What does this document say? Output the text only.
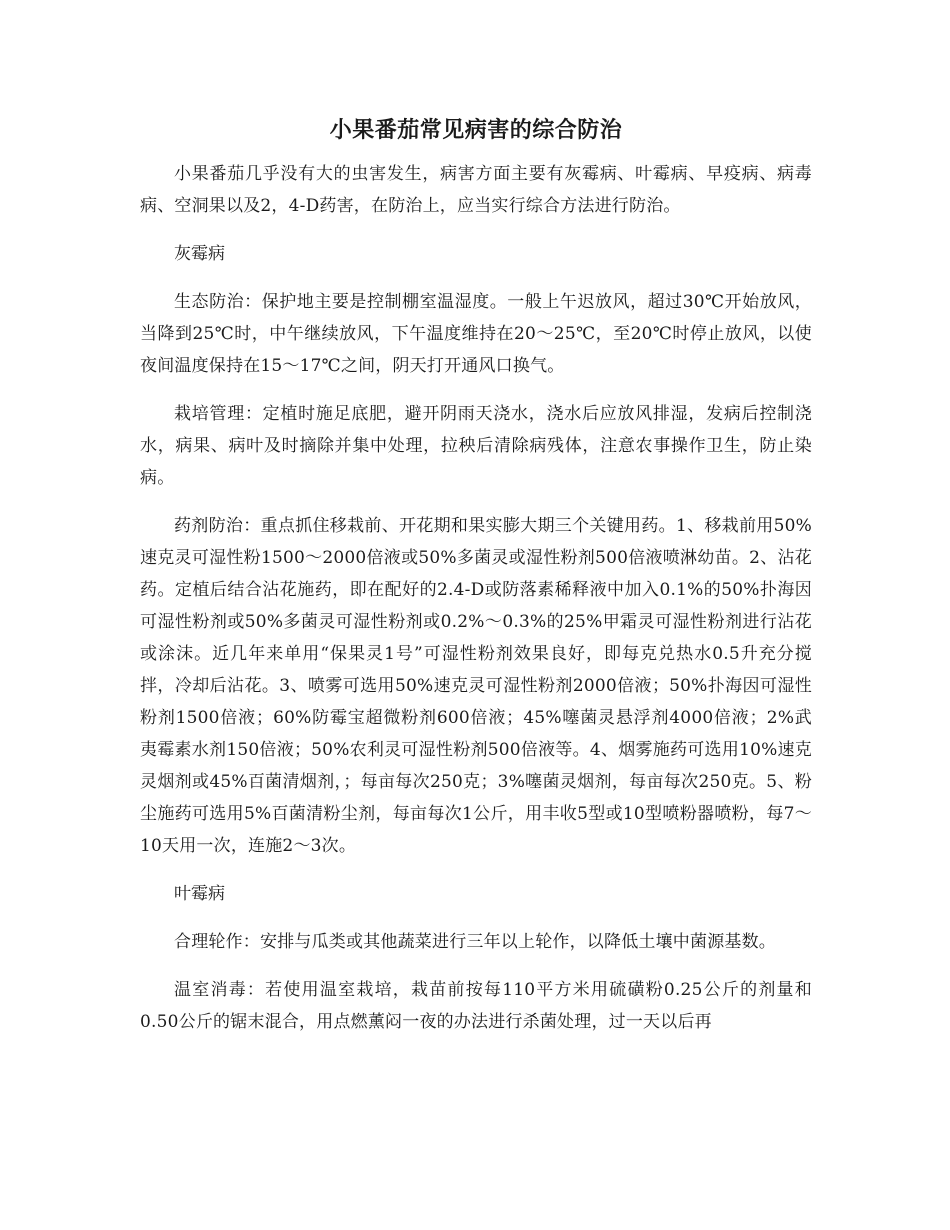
小果番茄常见病害的综合防治

小果番茄几乎没有大的虫害发生，病害方面主要有灰霉病、叶霉病、早疫病、病毒病、空洞果以及2，4-D药害，在防治上，应当实行综合方法进行防治。

灰霉病

生态防治：保护地主要是控制棚室温湿度。一般上午迟放风，超过30℃开始放风，当降到25℃时，中午继续放风，下午温度维持在20～25℃，至20℃时停止放风，以使夜间温度保持在15～17℃之间，阴天打开通风口换气。

栽培管理：定植时施足底肥，避开阴雨天浇水，浇水后应放风排湿，发病后控制浇水，病果、病叶及时摘除并集中处理，拉秧后清除病残体，注意农事操作卫生，防止染病。

药剂防治：重点抓住移栽前、开花期和果实膨大期三个关键用药。1、移栽前用50%速克灵可湿性粉1500～2000倍液或50%多菌灵或湿性粉剂500倍液喷淋幼苗。2、沾花药。定植后结合沾花施药，即在配好的2.4-D或防落素稀释液中加入0.1%的50%扑海因可湿性粉剂或50%多菌灵可湿性粉剂或0.2%～0.3%的25%甲霜灵可湿性粉剂进行沾花或涂沫。近几年来单用“保果灵1号”可湿性粉剂效果良好，即每克兑热水0.5升充分搅拌，冷却后沾花。3、喷雾可选用50%速克灵可湿性粉剂2000倍液；50%扑海因可湿性粉剂1500倍液；60%防霉宝超微粉剂600倍液；45%噻菌灵悬浮剂4000倍液；2%武夷霉素水剂150倍液；50%农利灵可湿性粉剂500倍液等。4、烟雾施药可选用10%速克灵烟剂或45%百菌清烟剂，；每亩每次250克；3%噻菌灵烟剂，每亩每次250克。5、粉尘施药可选用5%百菌清粉尘剂，每亩每次1公斤，用丰收5型或10型喷粉器喷粉，每7～10天用一次，连施2～3次。

叶霉病

合理轮作：安排与瓜类或其他蔬菜进行三年以上轮作，以降低土壤中菌源基数。

温室消毒：若使用温室栽培，栽苗前按每110平方米用硫磺粉0.25公斤的剂量和0.50公斤的锯末混合，用点燃薰闷一夜的办法进行杀菌处理，过一天以后再
